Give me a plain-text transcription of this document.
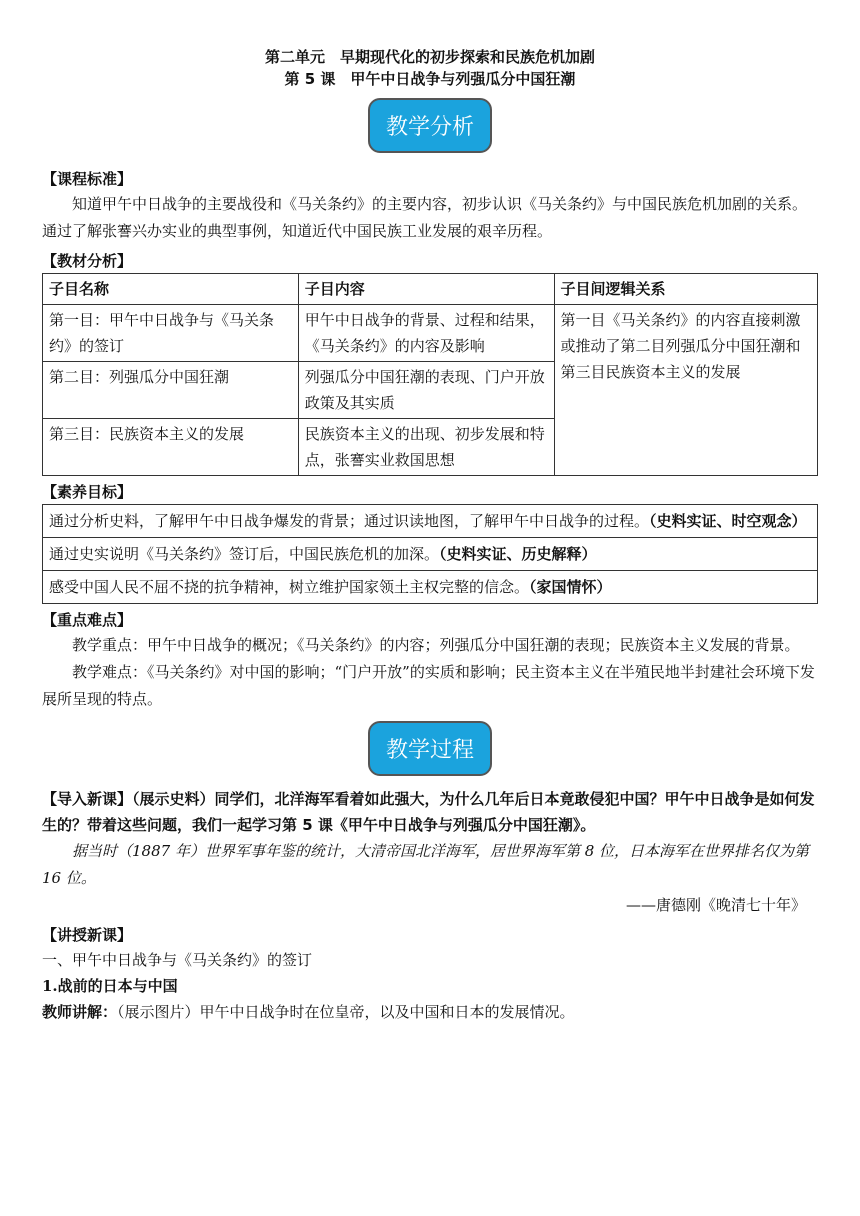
第二单元　早期现代化的初步探索和民族危机加剧
第 5 课　甲午中日战争与列强瓜分中国狂潮
教学分析
【课程标准】

知道甲午中日战争的主要战役和《马关条约》的主要内容，初步认识《马关条约》与中国民族危机加剧的关系。通过了解张謇兴办实业的典型事例，知道近代中国民族工业发展的艰辛历程。

【教材分析】
子目名称	子目内容	子目间逻辑关系
第一目：甲午中日战争与《马关条约》的签订	甲午中日战争的背景、过程和结果，《马关条约》的内容及影响	第一目《马关条约》的内容直接刺激或推动了第二目列强瓜分中国狂潮和第三目民族资本主义的发展
第二目：列强瓜分中国狂潮	列强瓜分中国狂潮的表现、门户开放政策及其实质	
第三目：民族资本主义的发展	民族资本主义的出现、初步发展和特点，张謇实业救国思想	
【素养目标】
通过分析史料，了解甲午中日战争爆发的背景；通过识读地图，了解甲午中日战争的过程。（史料实证、时空观念）
通过史实说明《马关条约》签订后，中国民族危机的加深。（史料实证、历史解释）
感受中国人民不屈不挠的抗争精神，树立维护国家领土主权完整的信念。（家国情怀）
【重点难点】

教学重点：甲午中日战争的概况；《马关条约》的内容；列强瓜分中国狂潮的表现；民族资本主义发展的背景。

教学难点：《马关条约》对中国的影响；“门户开放”的实质和影响；民主资本主义在半殖民地半封建社会环境下发展所呈现的特点。

教学过程
【导入新课】（展示史料）同学们，北洋海军看着如此强大，为什么几年后日本竟敢侵犯中国？甲午中日战争是如何发生的？带着这些问题，我们一起学习第 5 课《甲午中日战争与列强瓜分中国狂潮》。
据当时（1887 年）世界军事年鉴的统计，大清帝国北洋海军，居世界海军第 8 位，日本海军在世界排名仅为第 16 位。
——唐德刚《晚清七十年》
【讲授新课】
一、甲午中日战争与《马关条约》的签订
1.战前的日本与中国
教师讲解：（展示图片）甲午中日战争时在位皇帝，以及中国和日本的发展情况。
